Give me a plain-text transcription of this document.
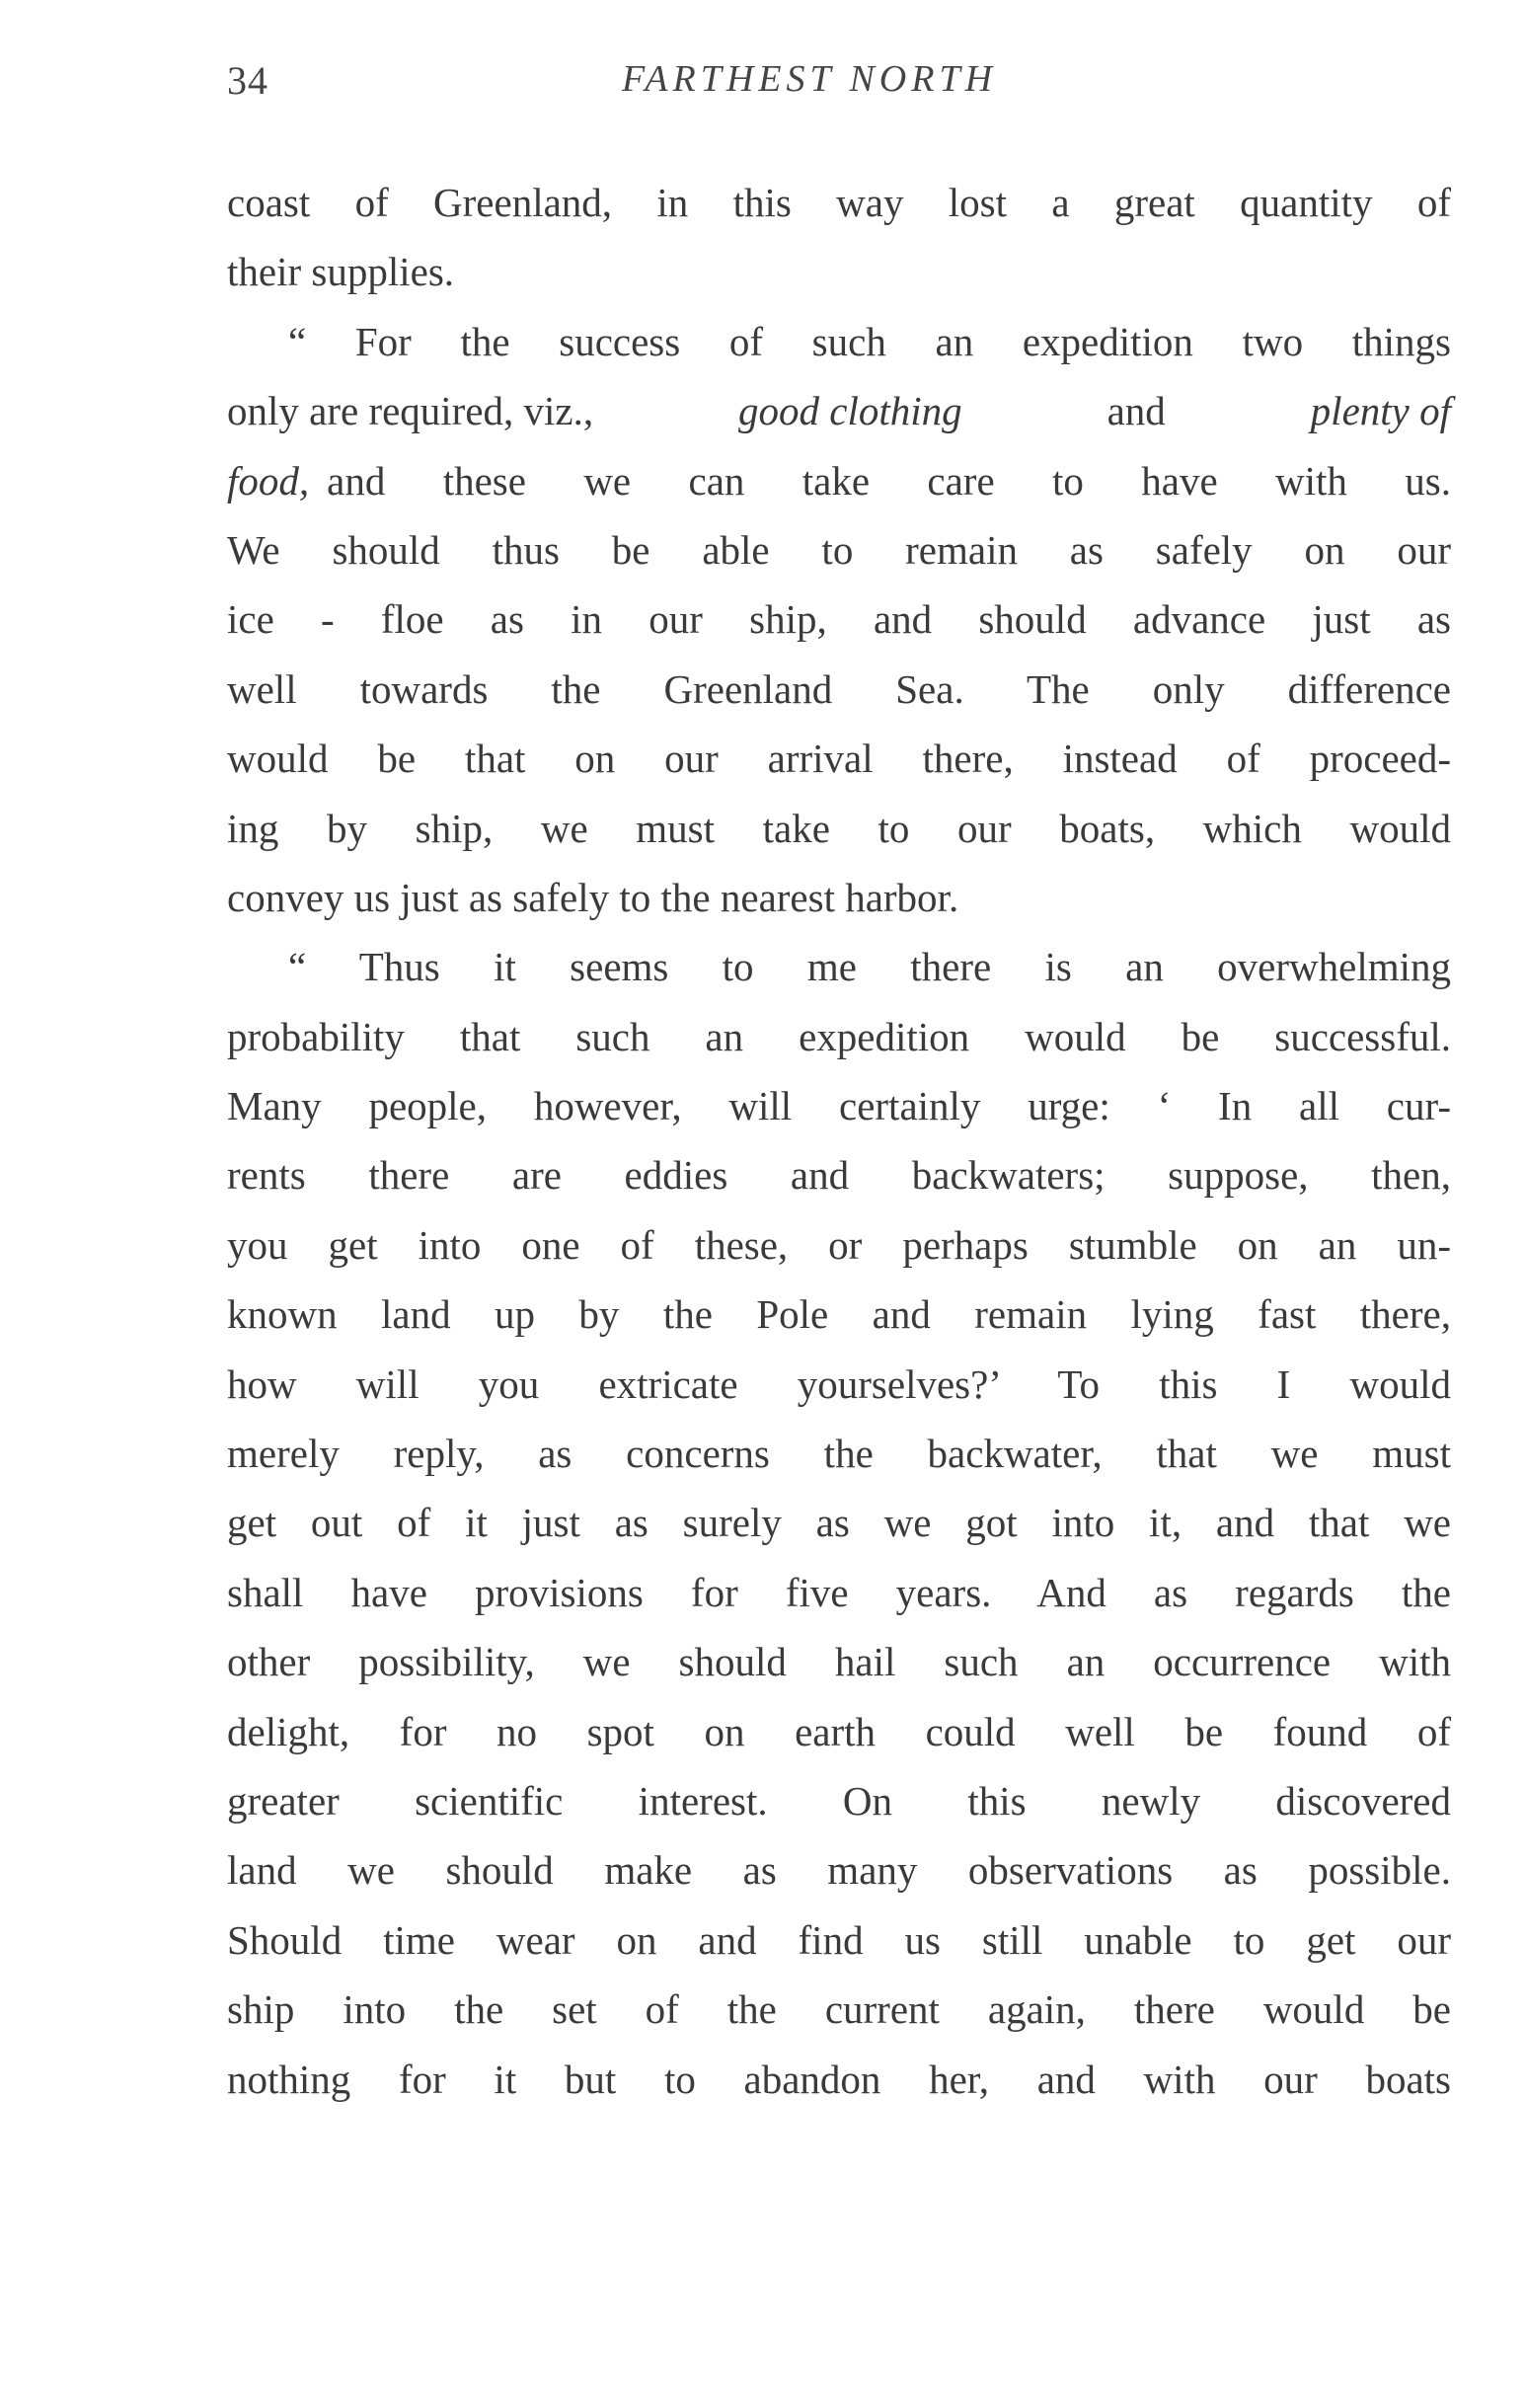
34	FARTHEST NORTH
coast of Greenland, in this way lost a great quantity of
their supplies.
“ For the success of such an expedition two things
only are required, viz.,	good clothing	and	plenty of
food, and these we can take care to have with us.
We should thus be able to remain as safely on our
ice - floe as in our ship, and should advance just as
well towards the Greenland Sea. The only difference
would be that on our arrival there, instead of proceed-
ing by ship, we must take to our boats, which would
convey us just as safely to the nearest harbor.
“ Thus it seems to me there is an overwhelming
probability that such an expedition would be successful.
Many people, however, will certainly urge: ‘ In all cur-
rents there are eddies and backwaters; suppose, then,
you get into one of these, or perhaps stumble on an un-
known land up by the Pole and remain lying fast there,
how will you extricate yourselves?’ To this I would
merely reply, as concerns the backwater, that we must
get out of it just as surely as we got into it, and that we
shall have provisions for five years. And as regards the
other possibility, we should hail such an occurrence with
delight, for no spot on earth could well be found of
greater scientific interest. On this newly discovered
land we should make as many observations as possible.
Should time wear on and find us still unable to get our
ship into the set of the current again, there would be
nothing for it but to abandon her, and with our boats
